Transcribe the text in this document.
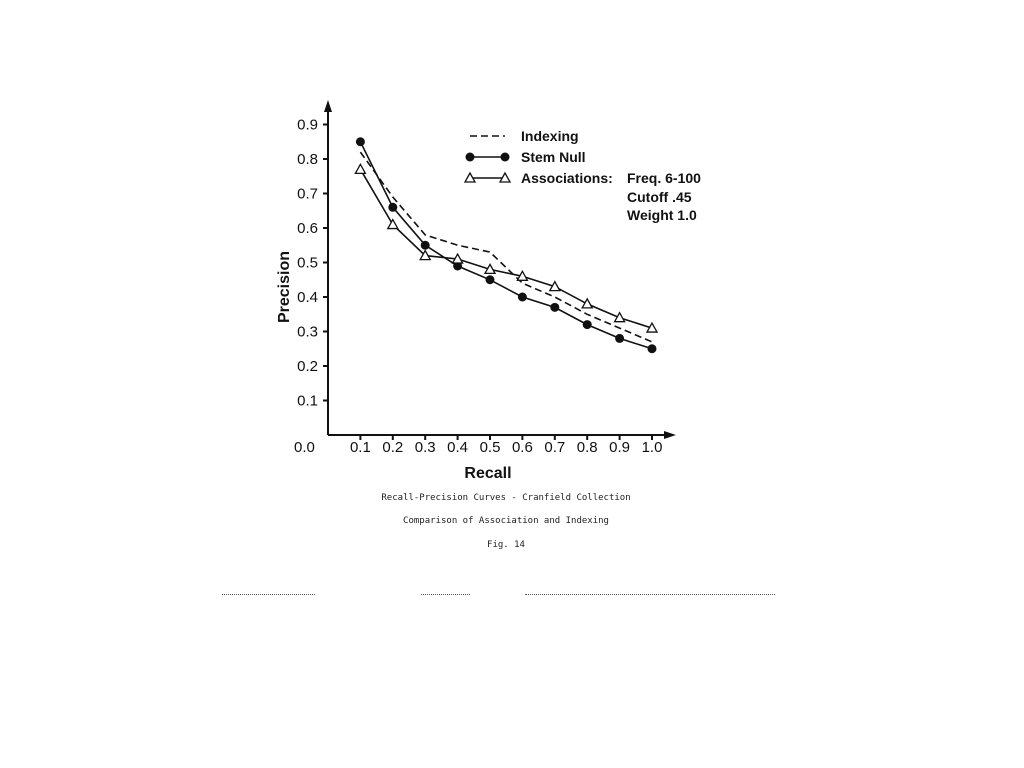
0.1
0.2
0.3
0.4
0.5
0.6
0.7
0.8
0.9
0.1 0.2 0.3 0.4 0.5 0.6 0.7 0.8 0.9 1.0
0.0
Recall
Precision
Indexing
Stem Null
Associations: Freq. 6-100
Cutoff .45
Weight 1.0
Recall-Precision Curves - Cranfield Collection
Comparison of Association and Indexing
Fig. 14
